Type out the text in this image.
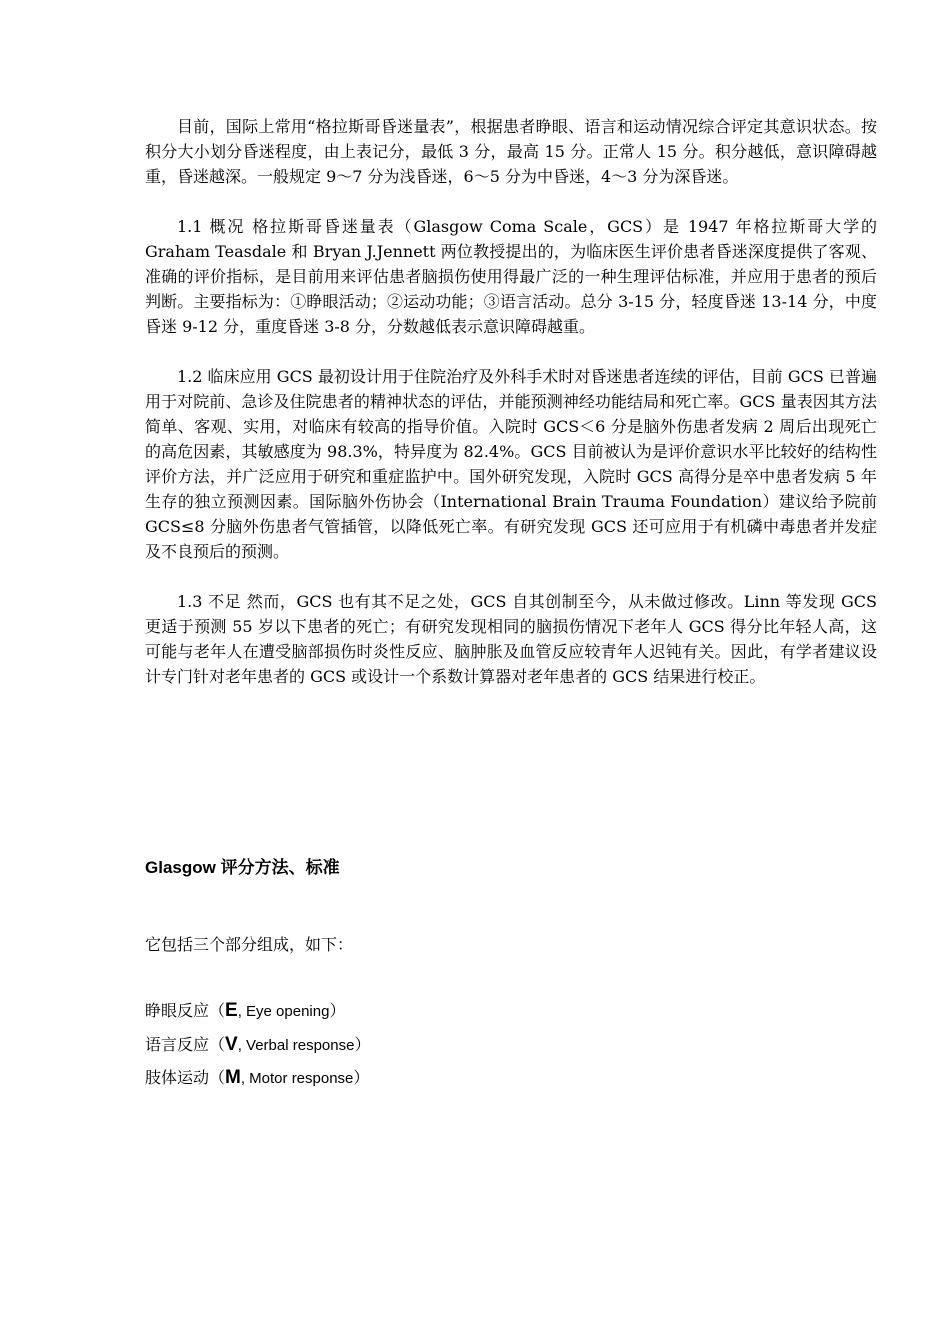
目前，国际上常用“格拉斯哥昏迷量表”，根据患者睁眼、语言和运动情况综合评定其意识状态。按积分大小划分昏迷程度，由上表记分，最低 3 分，最高 15 分。正常人 15 分。积分越低，意识障碍越重，昏迷越深。一般规定 9～7 分为浅昏迷，6～5 分为中昏迷，4～3 分为深昏迷。

1.1 概况 格拉斯哥昏迷量表（Glasgow Coma Scale，GCS）是 1947 年格拉斯哥大学的 Graham Teasdale 和 Bryan J.Jennett 两位教授提出的，为临床医生评价患者昏迷深度提供了客观、准确的评价指标，是目前用来评估患者脑损伤使用得最广泛的一种生理评估标准，并应用于患者的预后判断。主要指标为：①睁眼活动；②运动功能；③语言活动。总分 3-15 分，轻度昏迷 13-14 分，中度昏迷 9-12 分，重度昏迷 3-8 分，分数越低表示意识障碍越重。

1.2 临床应用 GCS 最初设计用于住院治疗及外科手术时对昏迷患者连续的评估，目前 GCS 已普遍用于对院前、急诊及住院患者的精神状态的评估，并能预测神经功能结局和死亡率。GCS 量表因其方法简单、客观、实用，对临床有较高的指导价值。入院时 GCS＜6 分是脑外伤患者发病 2 周后出现死亡的高危因素，其敏感度为 98.3%，特异度为 82.4%。GCS 目前被认为是评价意识水平比较好的结构性评价方法，并广泛应用于研究和重症监护中。国外研究发现，入院时 GCS 高得分是卒中患者发病 5 年生存的独立预测因素。国际脑外伤协会（International Brain Trauma Foundation）建议给予院前 GCS≤8 分脑外伤患者气管插管，以降低死亡率。有研究发现 GCS 还可应用于有机磷中毒患者并发症及不良预后的预测。

1.3 不足 然而，GCS 也有其不足之处，GCS 自其创制至今，从未做过修改。Linn 等发现 GCS 更适于预测 55 岁以下患者的死亡；有研究发现相同的脑损伤情况下老年人 GCS 得分比年轻人高，这可能与老年人在遭受脑部损伤时炎性反应、脑肿胀及血管反应较青年人迟钝有关。因此，有学者建议设计专门针对老年患者的 GCS 或设计一个系数计算器对老年患者的 GCS 结果进行校正。

Glasgow 评分方法、标准

它包括三个部分组成，如下：

睁眼反应（E, Eye opening）
语言反应（V, Verbal response）
肢体运动（M, Motor response）
